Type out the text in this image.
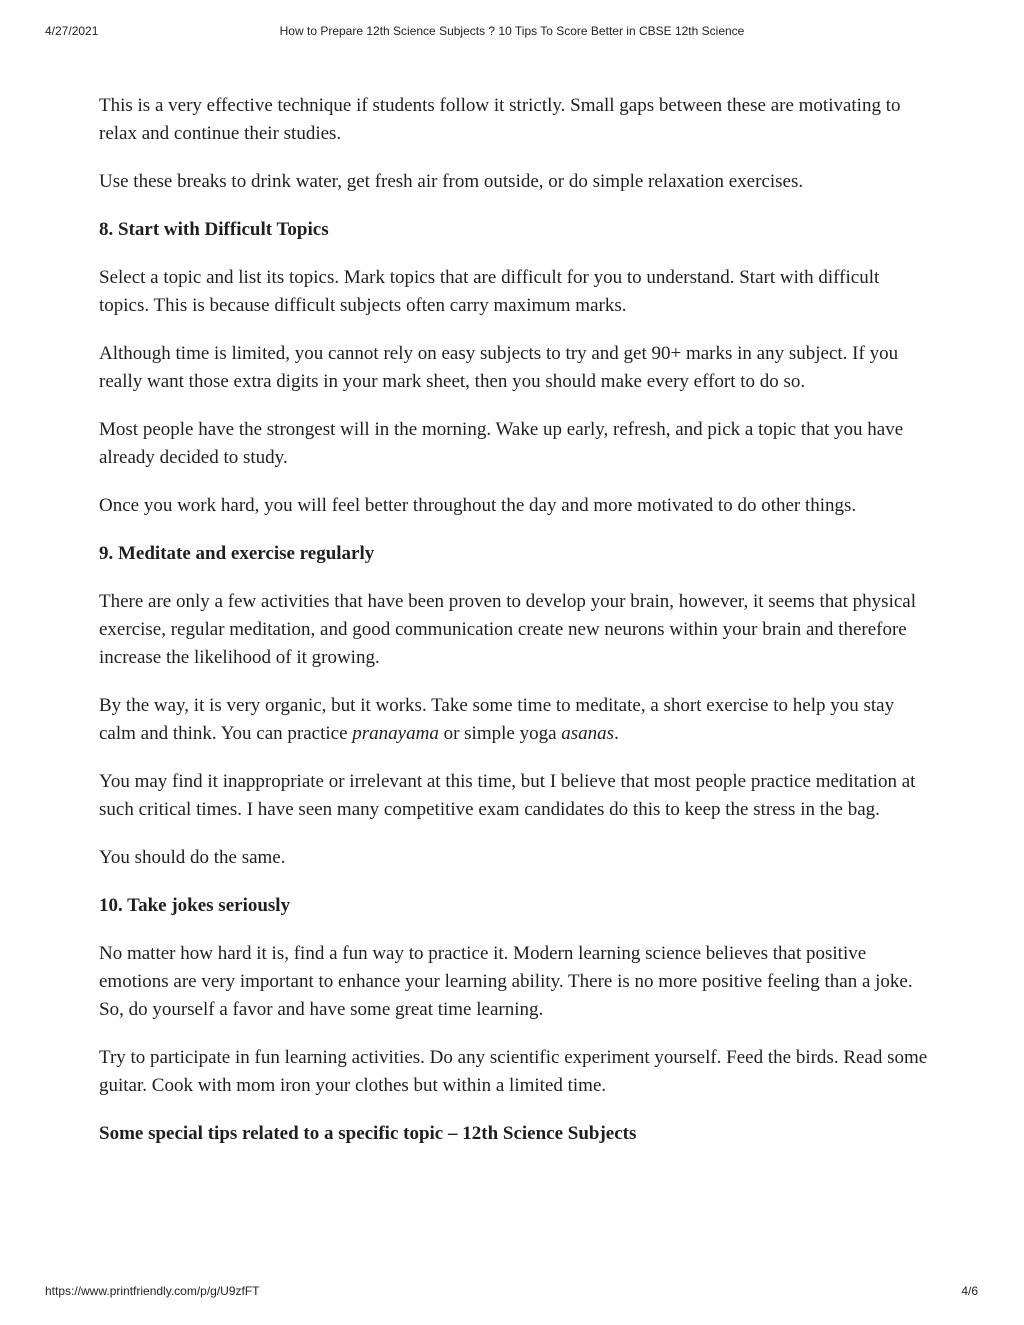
4/27/2021	How to Prepare 12th Science Subjects ? 10 Tips To Score Better in CBSE 12th Science

This is a very effective technique if students follow it strictly. Small gaps between these are motivating to relax and continue their studies.

Use these breaks to drink water, get fresh air from outside, or do simple relaxation exercises.

8. Start with Difficult Topics

Select a topic and list its topics. Mark topics that are difficult for you to understand. Start with difficult topics. This is because difficult subjects often carry maximum marks.

Although time is limited, you cannot rely on easy subjects to try and get 90+ marks in any subject. If you really want those extra digits in your mark sheet, then you should make every effort to do so.

Most people have the strongest will in the morning. Wake up early, refresh, and pick a topic that you have already decided to study.

Once you work hard, you will feel better throughout the day and more motivated to do other things.

9. Meditate and exercise regularly

There are only a few activities that have been proven to develop your brain, however, it seems that physical exercise, regular meditation, and good communication create new neurons within your brain and therefore increase the likelihood of it growing.

By the way, it is very organic, but it works. Take some time to meditate, a short exercise to help you stay calm and think. You can practice pranayama or simple yoga asanas.

You may find it inappropriate or irrelevant at this time, but I believe that most people practice meditation at such critical times. I have seen many competitive exam candidates do this to keep the stress in the bag.

You should do the same.

10. Take jokes seriously

No matter how hard it is, find a fun way to practice it. Modern learning science believes that positive emotions are very important to enhance your learning ability. There is no more positive feeling than a joke. So, do yourself a favor and have some great time learning.

Try to participate in fun learning activities. Do any scientific experiment yourself. Feed the birds. Read some guitar. Cook with mom iron your clothes but within a limited time.

Some special tips related to a specific topic – 12th Science Subjects
https://www.printfriendly.com/p/g/U9zfFT	4/6
